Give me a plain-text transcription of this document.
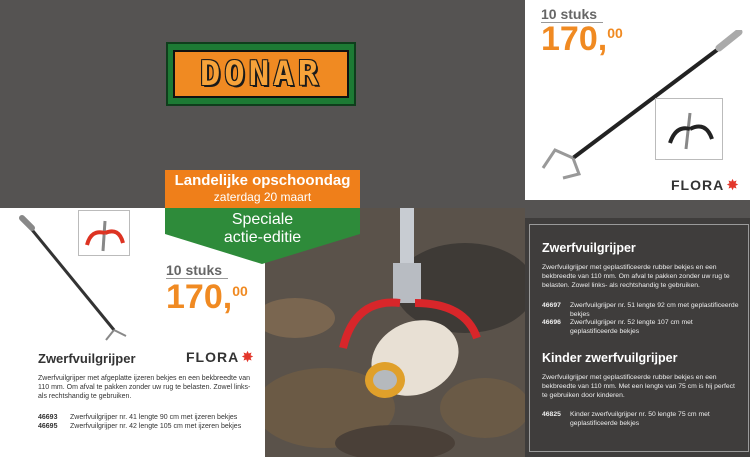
DONAR
10 stuks
170,00
FLORA ✸
Landelijke opschoondag
zaterdag 20 maart
10 stuks
170,00
Zwerfvuilgrijper	FLORA ✸
Zwerfvuilgrijper met afgeplatte ijzeren bekjes en een bekbreedte van 110 mm. Om afval te pakken zonder uw rug te belasten. Zowel links- als rechtshandig te gebruiken.
46693	Zwerfvuilgrijper nr. 41 lengte 90 cm met ijzeren bekjes
46695	Zwerfvuilgrijper nr. 42 lengte 105 cm met ijzeren bekjes
Speciale
actie-editie
Zwerfvuilgrijper
Zwerfvuilgrijper met geplastificeerde rubber bekjes en een bekbreedte van 110 mm. Om afval te pakken zonder uw rug te belasten. Zowel links- als rechtshandig te gebruiken.
46697	Zwerfvuilgrijper nr. 51 lengte 92 cm met geplastificeerde bekjes
46696	Zwerfvuilgrijper nr. 52 lengte 107 cm met geplastificeerde bekjes
Kinder zwerfvuilgrijper
Zwerfvuilgrijper met geplastificeerde rubber bekjes en een bekbreedte van 110 mm. Met een lengte van 75 cm is hij perfect te gebruiken door kinderen.
46825	Kinder zwerfvuilgrijper nr. 50 lengte 75 cm met geplastificeerde bekjes
